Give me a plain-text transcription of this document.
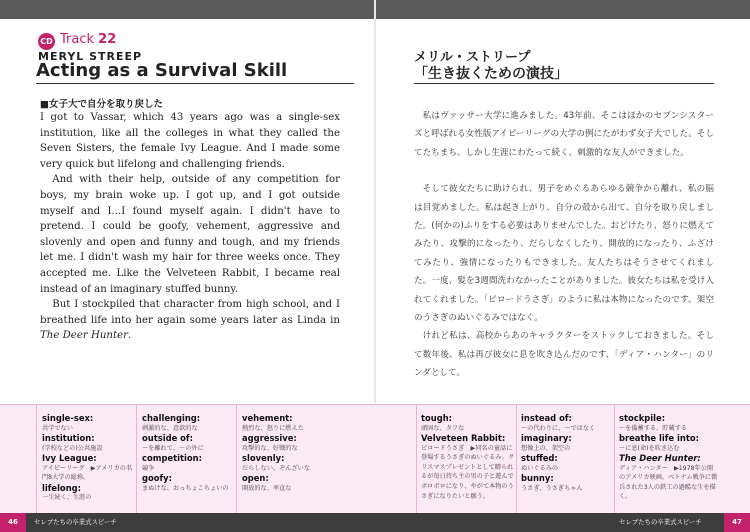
CD Track 22
MERYL STREEP
Acting as a Survival Skill
メリル・ストリープ
「生き抜くための演技」
■女子大で自分を取り戻した

I got to Vassar, which 43 years ago was a single-sex institution, like all the colleges in what they called the Seven Sisters, the female Ivy League. And I made some very quick but lifelong and challenging friends.

And with their help, outside of any competition for boys, my brain woke up. I got up, and I got outside myself and I...I found myself again. I didn't have to pretend. I could be goofy, vehement, aggressive and slovenly and open and funny and tough, and my friends let me. I didn't wash my hair for three weeks once. They accepted me. Like the Velveteen Rabbit, I became real instead of an imaginary stuffed bunny.

But I stockpiled that character from high school, and I breathed life into her again some years later as Linda in The Deer Hunter.

私はヴァッサー大学に進みました。43年前、そこはほかのセブンシスターズと呼ばれる女性版アイビーリーグの大学の例にたがわず女子大でした。そしてたちまち、しかし生涯にわたって続く、刺激的な友人ができました。

そして彼女たちに助けられ、男子をめぐるあらゆる競争から離れ、私の脳は目覚めました。私は起き上がり、自分の殻から出て、自分を取り戻しました。(何かの)ふりをする必要はありませんでした。おどけたり、怒りに燃えてみたり、攻撃的になったり、だらしなくしたり、開放的になったり、ふざけてみたり、強情になったりもできました。友人たちはそうさせてくれました。一度、髪を3週間洗わなかったことがありました。彼女たちは私を受け入れてくれました。「ビロードうさぎ」のように私は本物になったのです。架空のうさぎのぬいぐるみではなく。

けれど私は、高校からあのキャラクターをストックしておきました。そして数年後、私は再び彼女に息を吹き込んだのです、「ディア・ハンター」のリンダとして。

single-sex:
共学でない
institution:
(学校などの)公共施設
Ivy League:
アイビーリーグ　▶アメリカの名門8大学の総称。
lifelong:
一生続く、生涯の
challenging:
刺激的な、意欲的な
outside of:
～を離れて、～の外に
competition:
競争
goofy:
まぬけな、おっちょこちょいの
vehement:
熱烈な、怒りに燃えた
aggressive:
攻撃的な、好戦的な
slovenly:
だらしない、ぞんざいな
open:
開放的な、率直な
tough:
頑固な、タフな
Velveteen Rabbit:
ビロードうさぎ　▶同名の童話に登場するうさぎのぬいぐるみ。クリスマスプレゼントとして贈られるが毎日持ち主の男の子と遊んでボロボロになり、やがて本物のうさぎになりたいと願う。
instead of:
～の代わりに、～ではなく
imaginary:
想像上の、架空の
stuffed:
ぬいぐるみの
bunny:
うさぎ、うさぎちゃん
stockpile:
～を備蓄する、貯蔵する
breathe life into:
～に息(命)を吹き込む
The Deer Hunter:
ディア・ハンター　▶1978年公開のアメリカ映画。ベトナム戦争に徴兵された3人の鉄工の過酷な生を描く。
46	セレブたちの卒業式スピーチ	セレブたちの卒業式スピーチ	47
